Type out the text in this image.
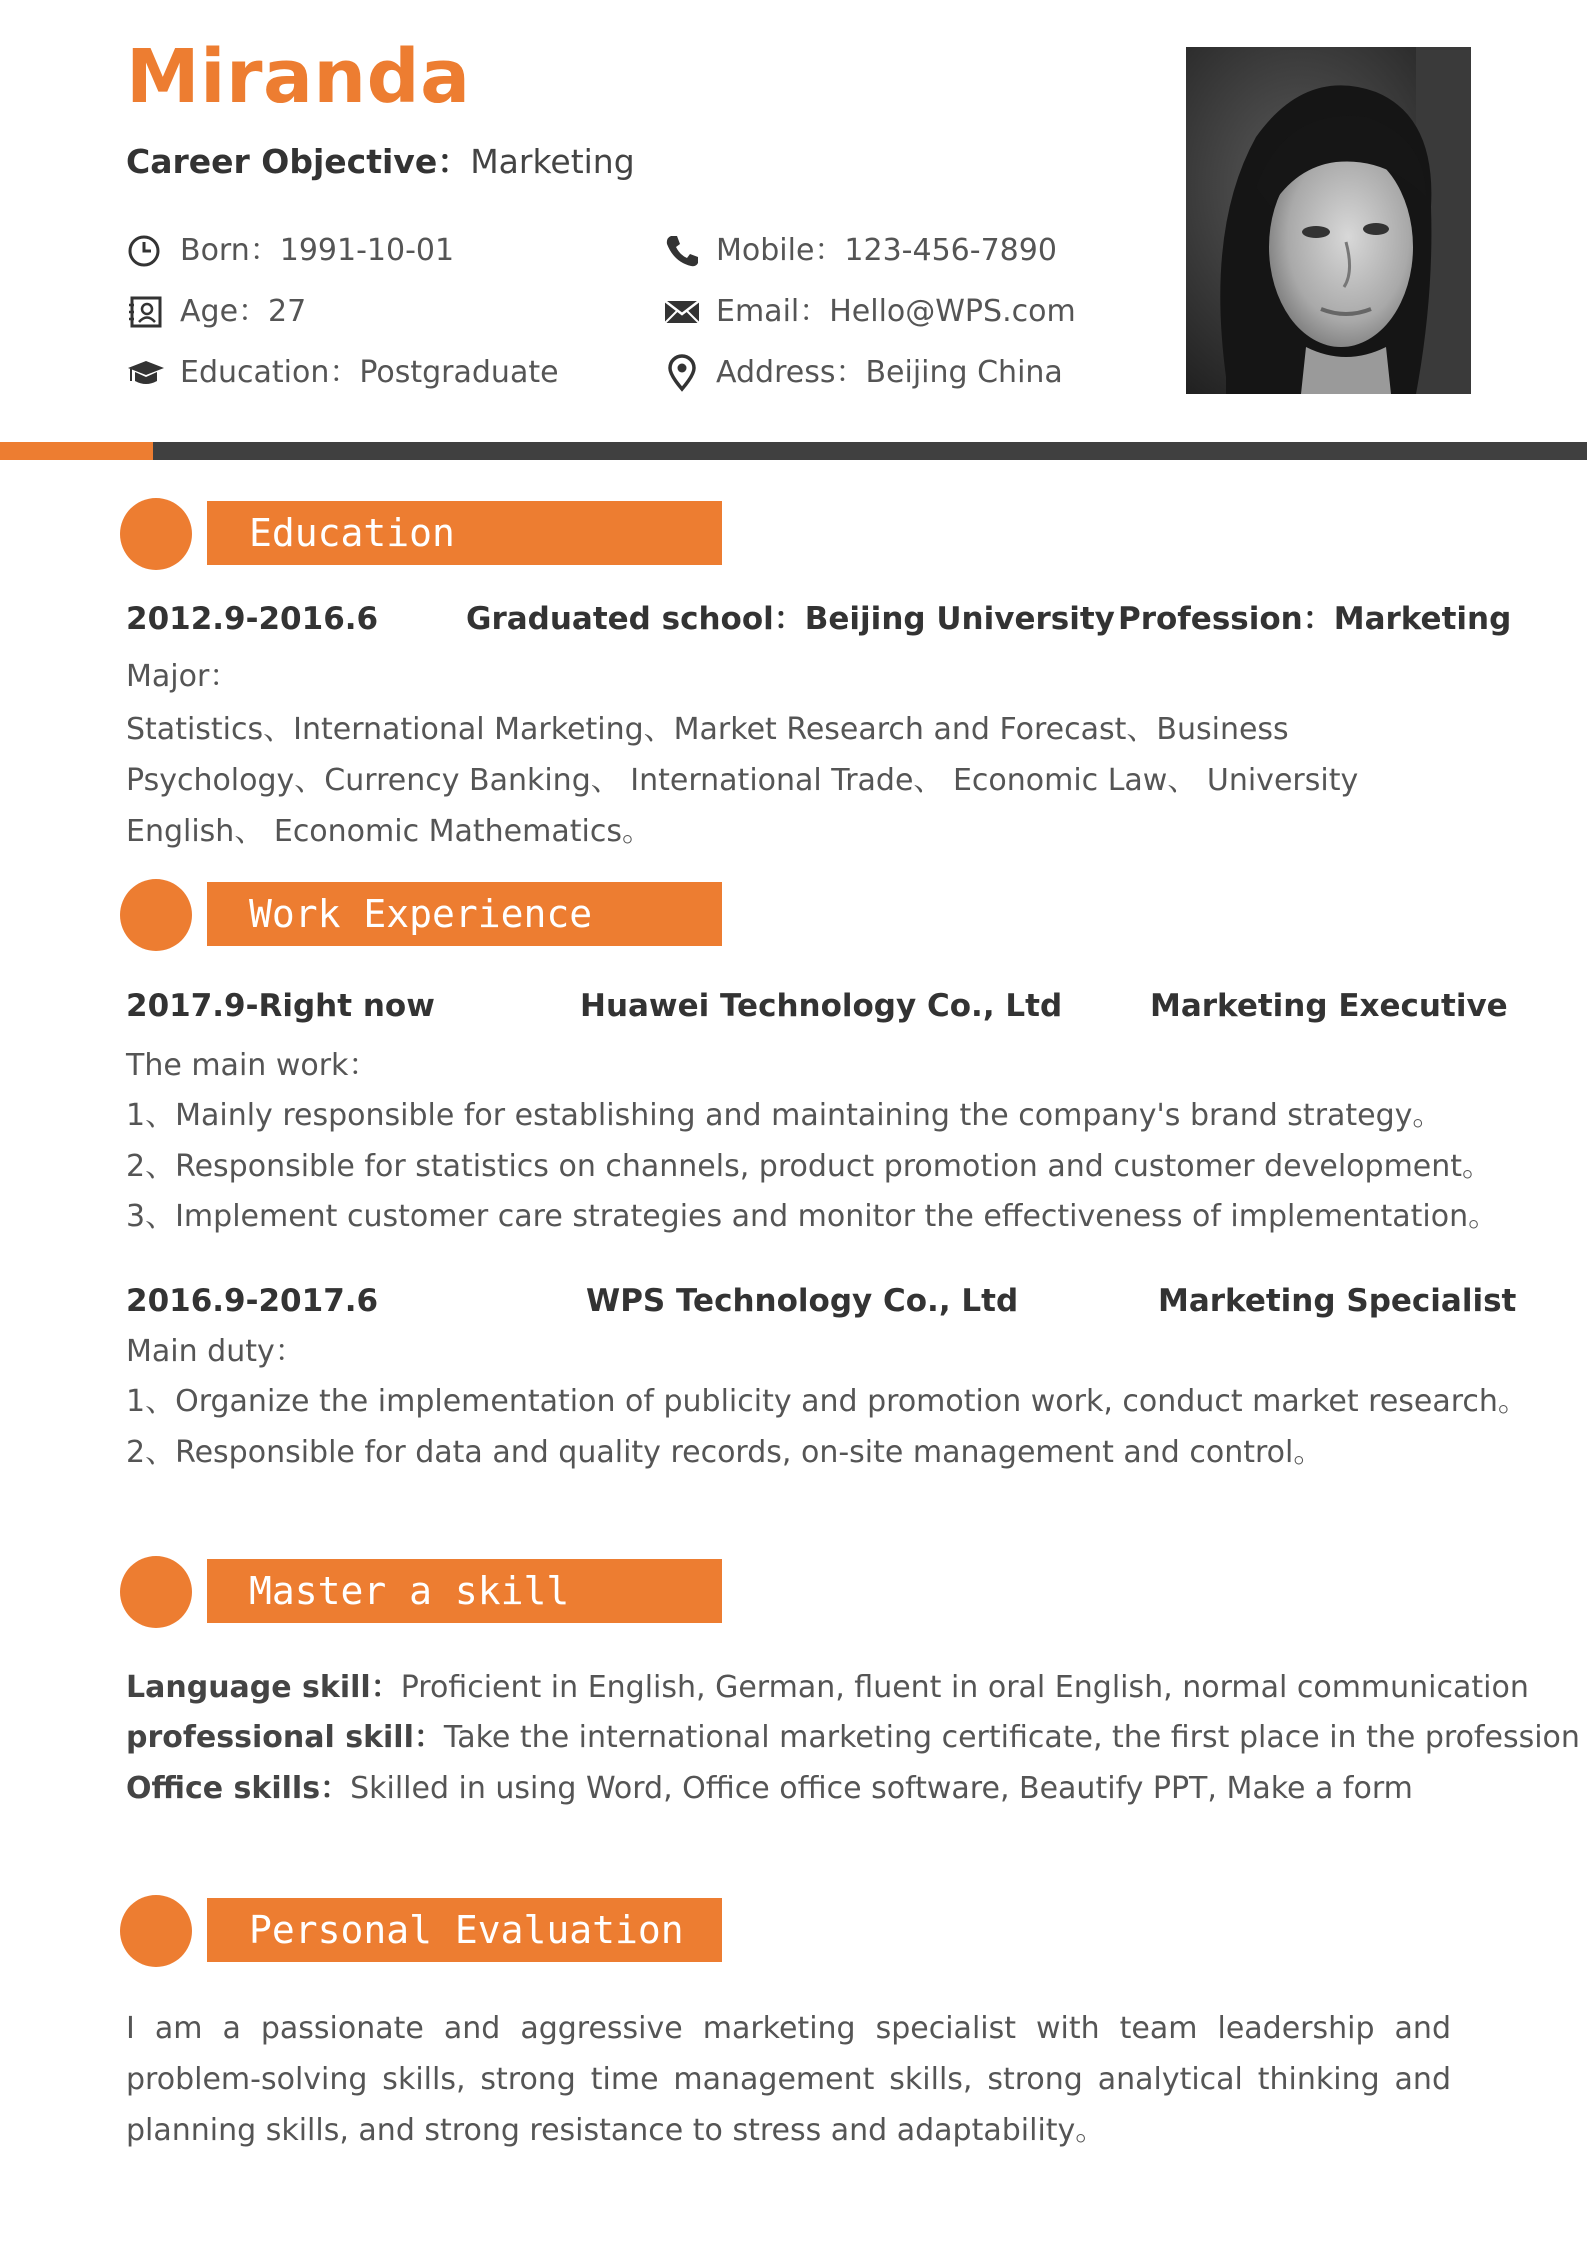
Miranda
Career Objective：Marketing
Born：1991-10-01
Age：27
Education：Postgraduate
Mobile：123-456-7890
Email：Hello@WPS.com
Address：Beijing China
Education
2012.9-2016.6	Graduated school：Beijing University Profession：Marketing
Major：
Statistics、International Marketing、Market Research and Forecast、Business Psychology、Currency Banking、 International Trade、 Economic Law、 University English、 Economic Mathematics。
Work Experience
2017.9-Right now	Huawei Technology Co., Ltd	Marketing Executive
The main work：
1、Mainly responsible for establishing and maintaining the company's brand strategy。
2、Responsible for statistics on channels, product promotion and customer development。
3、Implement customer care strategies and monitor the effectiveness of implementation。
2016.9-2017.6	WPS Technology Co., Ltd	Marketing Specialist
Main duty：
1、Organize the implementation of publicity and promotion work, conduct market research。
2、Responsible for data and quality records, on-site management and control。
Master a skill
Language skill：Proficient in English, German, fluent in oral English, normal communication
professional skill：Take the international marketing certificate, the first place in the profession
Office skills：Skilled in using Word, Office office software, Beautify PPT, Make a form
Personal Evaluation
I am a passionate and aggressive marketing specialist with team leadership and problem-solving skills, strong time management skills, strong analytical thinking and planning skills, and strong resistance to stress and adaptability。
